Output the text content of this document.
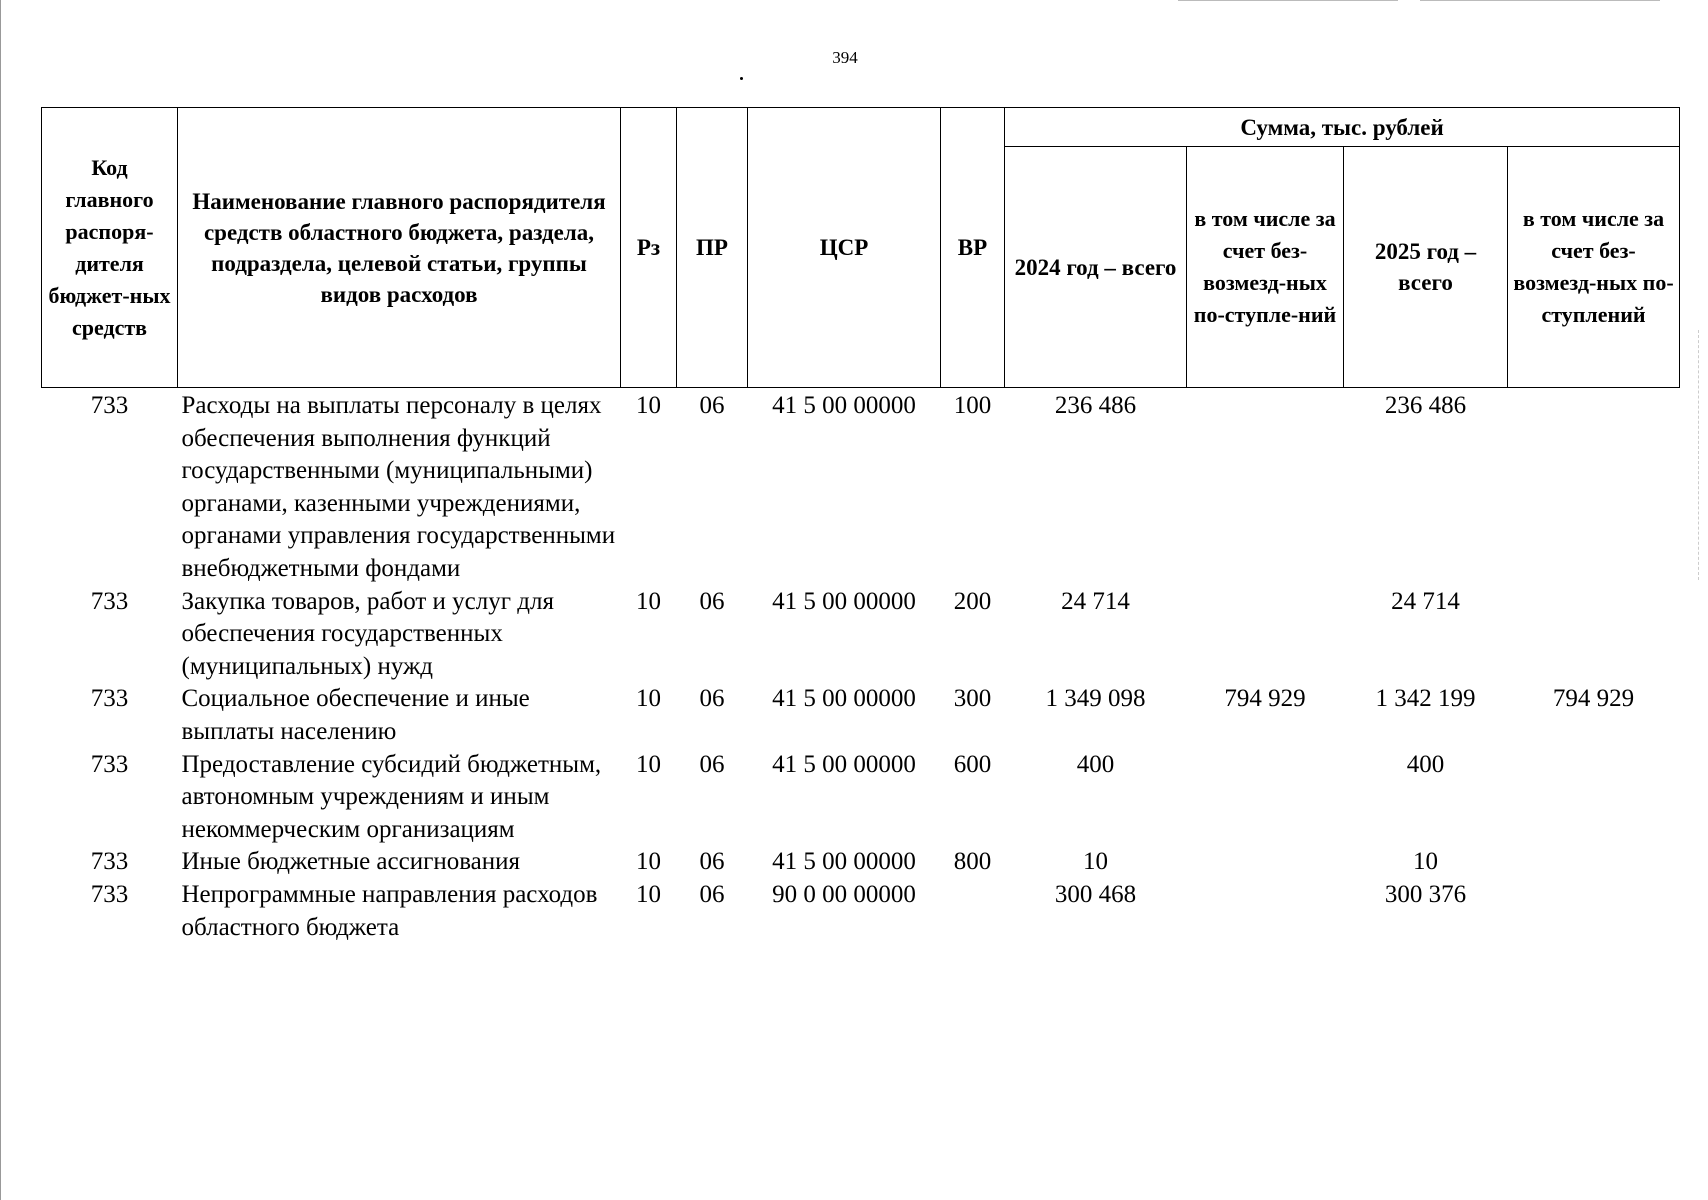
394
Код главного распоря-дителя бюджет-ных средств	Наименование главного распорядителя средств областного бюджета, раздела, подраздела, целевой статьи, группы видов расходов	Рз	ПР	ЦСР	ВР	Сумма, тыс. рублей			
						2024 год – всего	в том числе за счет без-возмезд-ных по-ступле-ний	2025 год – всего	в том числе за счет без-возмезд-ных по-ступлений
733	Расходы на выплаты персоналу в целях обеспечения выполнения функций государственными (муниципальными) органами, казенными учреждениями, органами управления государственными внебюджетными фондами	10	06	41 5 00 00000	100	236 486		236 486	
733	Закупка товаров, работ и услуг для обеспечения государственных (муниципальных) нужд	10	06	41 5 00 00000	200	24 714		24 714	
733	Социальное обеспечение и иные выплаты населению	10	06	41 5 00 00000	300	1 349 098	794 929	1 342 199	794 929
733	Предоставление субсидий бюджетным, автономным учреждениям и иным некоммерческим организациям	10	06	41 5 00 00000	600	400		400	
733	Иные бюджетные ассигнования	10	06	41 5 00 00000	800	10		10	
733	Непрограммные направления расходов областного бюджета	10	06	90 0 00 00000		300 468		300 376	
